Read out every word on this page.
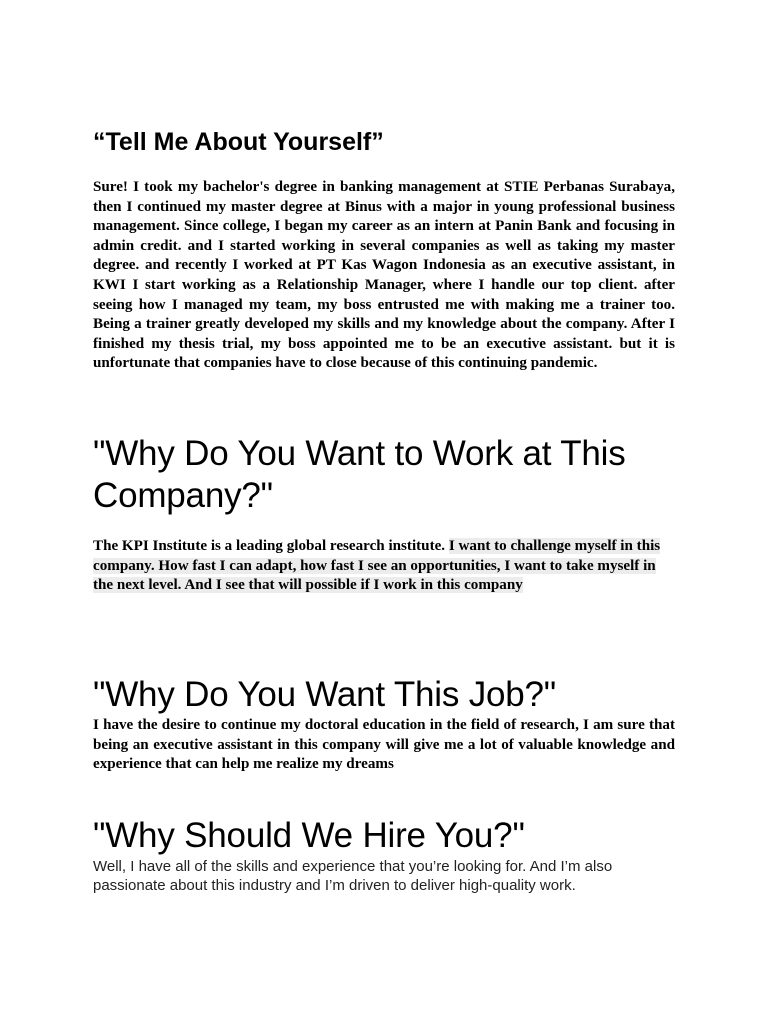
“Tell Me About Yourself”

Sure! I took my bachelor's degree in banking management at STIE Perbanas Surabaya, then I continued my master degree at Binus with a major in young professional business management. Since college, I began my career as an intern at Panin Bank and focusing in admin credit. and I started working in several companies as well as taking my master degree. and recently I worked at PT Kas Wagon Indonesia as an executive assistant, in KWI I start working as a Relationship Manager, where I handle our top client. after seeing how I managed my team, my boss entrusted me with making me a trainer too. Being a trainer greatly developed my skills and my knowledge about the company. After I finished my thesis trial, my boss appointed me to be an executive assistant. but it is unfortunate that companies have to close because of this continuing pandemic.

"Why Do You Want to Work at This Company?"

The KPI Institute is a leading global research institute. I want to challenge myself in this company. How fast I can adapt, how fast I see an opportunities, I want to take myself in the next level. And I see that will possible if I work in this company

"Why Do You Want This Job?"

I have the desire to continue my doctoral education in the field of research, I am sure that being an executive assistant in this company will give me a lot of valuable knowledge and experience that can help me realize my dreams

"Why Should We Hire You?"

Well, I have all of the skills and experience that you’re looking for. And I’m also passionate about this industry and I’m driven to deliver high-quality work.
